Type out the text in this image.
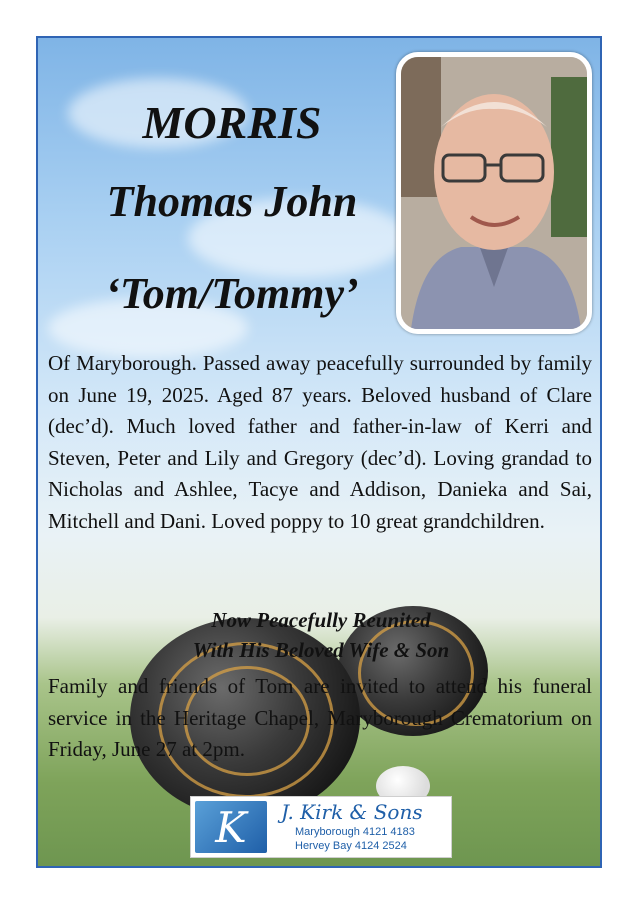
MORRIS
Thomas John
‘Tom/Tommy’

Of Maryborough. Passed away peacefully surrounded by family on June 19, 2025. Aged 87 years. Beloved husband of Clare (dec’d). Much loved father and father-in-law of Kerri and Steven, Peter and Lily and Gregory (dec’d). Loving grandad to Nicholas and Ashlee, Tacye and Addison, Danieka and Sai, Mitchell and Dani. Loved poppy to 10 great grandchildren.

Now Peacefully Reunited
With His Beloved Wife & Son

Family and friends of Tom are invited to attend his funeral service in the Heritage Chapel, Maryborough Crematorium on Friday, June 27 at 2pm.

K	J. Kirk & Sons
Maryborough 4121 4183
Hervey Bay 4124 2524
